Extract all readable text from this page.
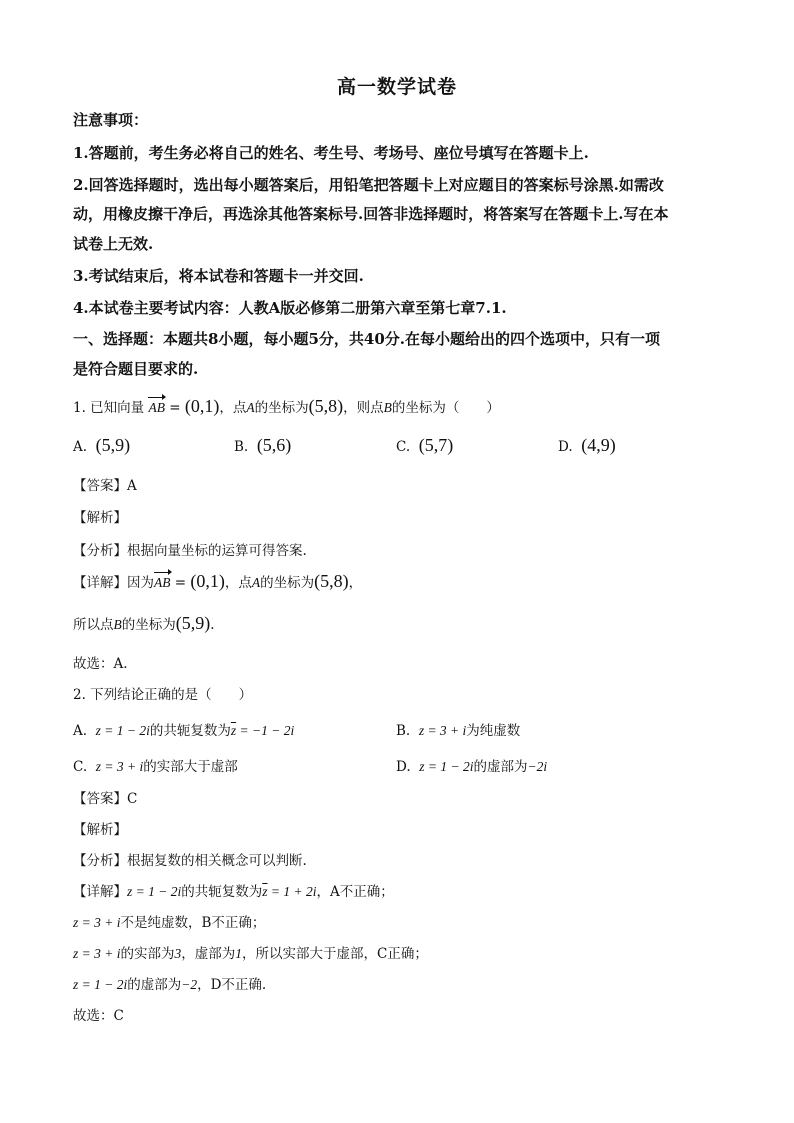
高一数学试卷
注意事项：
1.答题前，考生务必将自己的姓名、考生号、考场号、座位号填写在答题卡上.
2.回答选择题时，选出每小题答案后，用铅笔把答题卡上对应题目的答案标号涂黑.如需改
动，用橡皮擦干净后，再选涂其他答案标号.回答非选择题时，将答案写在答题卡上.写在本
试卷上无效.
3.考试结束后，将本试卷和答题卡一并交回.
4.本试卷主要考试内容：人教A版必修第二册第六章至第七章7.1.
一、选择题：本题共8小题，每小题5分，共40分.在每小题给出的四个选项中，只有一项
是符合题目要求的.
1. 已知向量 AB = (0,1)，点A的坐标为(5,8)，则点B的坐标为（　　）
A. (5,9)	B. (5,6)	C. (5,7)	D. (4,9)
【答案】A
【解析】
【分析】根据向量坐标的运算可得答案.
【详解】因为AB = (0,1)，点A的坐标为(5,8)，
所以点B的坐标为(5,9).
故选：A.
2. 下列结论正确的是（　　）
A. z = 1 − 2i的共轭复数为$\overline{z} = -1 - 2i$	B. z = 3 + i为纯虚数
C. z = 3 + i的实部大于虚部	D. z = 1 − 2i的虚部为−2i
【答案】C
【解析】
【分析】根据复数的相关概念可以判断.
【详解】z = 1 − 2i的共轭复数为$\overline{z} = 1 + 2i$，A不正确；
z = 3 + i不是纯虚数，B不正确；
z = 3 + i的实部为3，虚部为1，所以实部大于虚部，C正确；
z = 1 − 2i的虚部为−2，D不正确.
故选：C
